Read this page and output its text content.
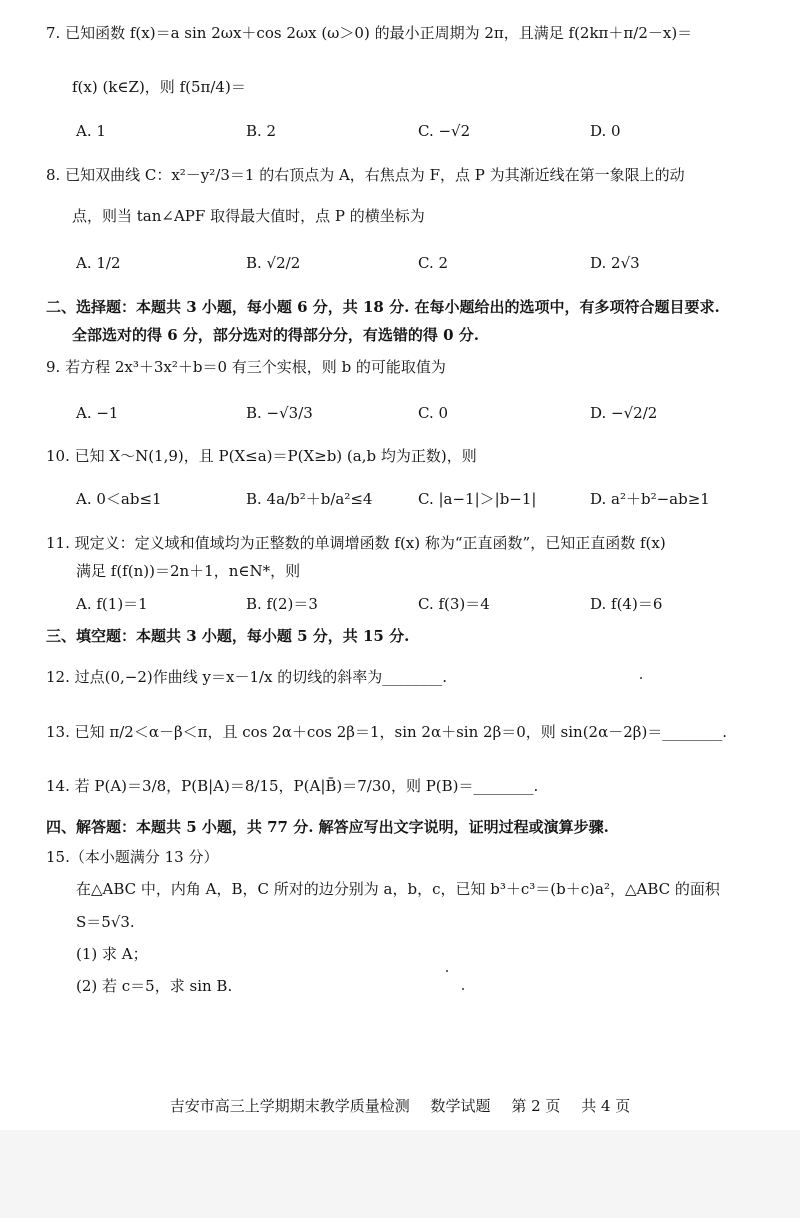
7. 已知函数 f(x)＝a sin 2ωx＋cos 2ωx (ω＞0) 的最小正周期为 2π，且满足 f(2kπ＋π/2－x)＝
f(x) (k∈Z)，则 f(5π/4)＝
A. 1	B. 2	C. −√2	D. 0
8. 已知双曲线 C：x²－y²/3＝1 的右顶点为 A，右焦点为 F，点 P 为其渐近线在第一象限上的动
点，则当 tan∠APF 取得最大值时，点 P 的横坐标为
A. 1/2	B. √2/2	C. 2	D. 2√3
二、选择题：本题共 3 小题，每小题 6 分，共 18 分. 在每小题给出的选项中，有多项符合题目要求.
全部选对的得 6 分，部分选对的得部分分，有选错的得 0 分.
9. 若方程 2x³＋3x²＋b＝0 有三个实根，则 b 的可能取值为
A. −1	B. −√3/3	C. 0	D. −√2/2
10. 已知 X～N(1,9)，且 P(X≤a)＝P(X≥b) (a,b 均为正数)，则
A. 0＜ab≤1	B. 4a/b²＋b/a²≤4	C. |a−1|＞|b−1|	D. a²＋b²−ab≥1
11. 现定义：定义域和值域均为正整数的单调增函数 f(x) 称为“正直函数”，已知正直函数 f(x)
满足 f(f(n))＝2n＋1，n∈N*，则
A. f(1)＝1	B. f(2)＝3	C. f(3)＝4	D. f(4)＝6
三、填空题：本题共 3 小题，每小题 5 分，共 15 分.
12. 过点(0,−2)作曲线 y＝x－1/x 的切线的斜率为________.
13. 已知 π/2＜α－β＜π，且 cos 2α＋cos 2β＝1，sin 2α＋sin 2β＝0，则 sin(2α－2β)＝________.
14. 若 P(A)＝3/8，P(B|A)＝8/15，P(A|B̄)＝7/30，则 P(B)＝________.
四、解答题：本题共 5 小题，共 77 分. 解答应写出文字说明，证明过程或演算步骤.
15.（本小题满分 13 分）
在△ABC 中，内角 A，B，C 所对的边分别为 a，b，c，已知 b³＋c³＝(b＋c)a²，△ABC 的面积
S＝5√3.
(1) 求 A；
(2) 若 c＝5，求 sin B.
吉安市高三上学期期末教学质量检测 数学试题 第 2 页 共 4 页
